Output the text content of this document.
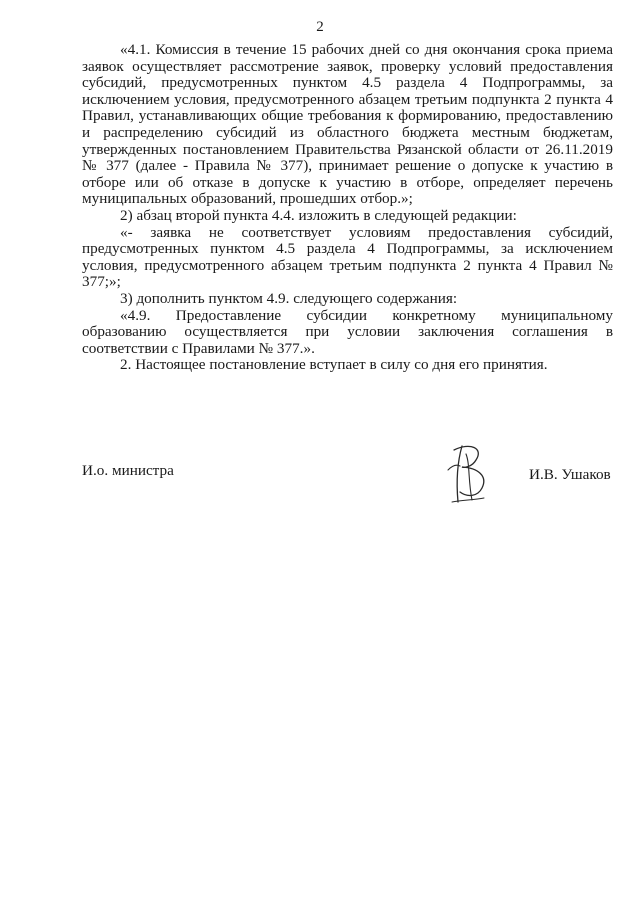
2

«4.1. Комиссия в течение 15 рабочих дней со дня окончания срока приема заявок осуществляет рассмотрение заявок, проверку условий предоставления субсидий, предусмотренных пунктом 4.5 раздела 4 Подпрограммы, за исключением условия, предусмотренного абзацем третьим подпункта 2 пункта 4 Правил, устанавливающих общие требования к формированию, предоставлению и распределению субсидий из областного бюджета местным бюджетам, утвержденных постановлением Правительства Рязанской области от 26.11.2019 № 377 (далее - Правила № 377), принимает решение о допуске к участию в отборе или об отказе в допуске к участию в отборе, определяет перечень муниципальных образований, прошедших отбор.»;

2) абзац второй пункта 4.4. изложить в следующей редакции:

«- заявка не соответствует условиям предоставления субсидий, предусмотренных пунктом 4.5 раздела 4 Подпрограммы, за исключением условия, предусмотренного абзацем третьим подпункта 2 пункта 4 Правил № 377;»;

3) дополнить пунктом 4.9. следующего содержания:

«4.9. Предоставление субсидии конкретному муниципальному образованию осуществляется при условии заключения соглашения в соответствии с Правилами № 377.».

2. Настоящее постановление вступает в силу со дня его принятия.

И.о. министра	И.В. Ушаков
